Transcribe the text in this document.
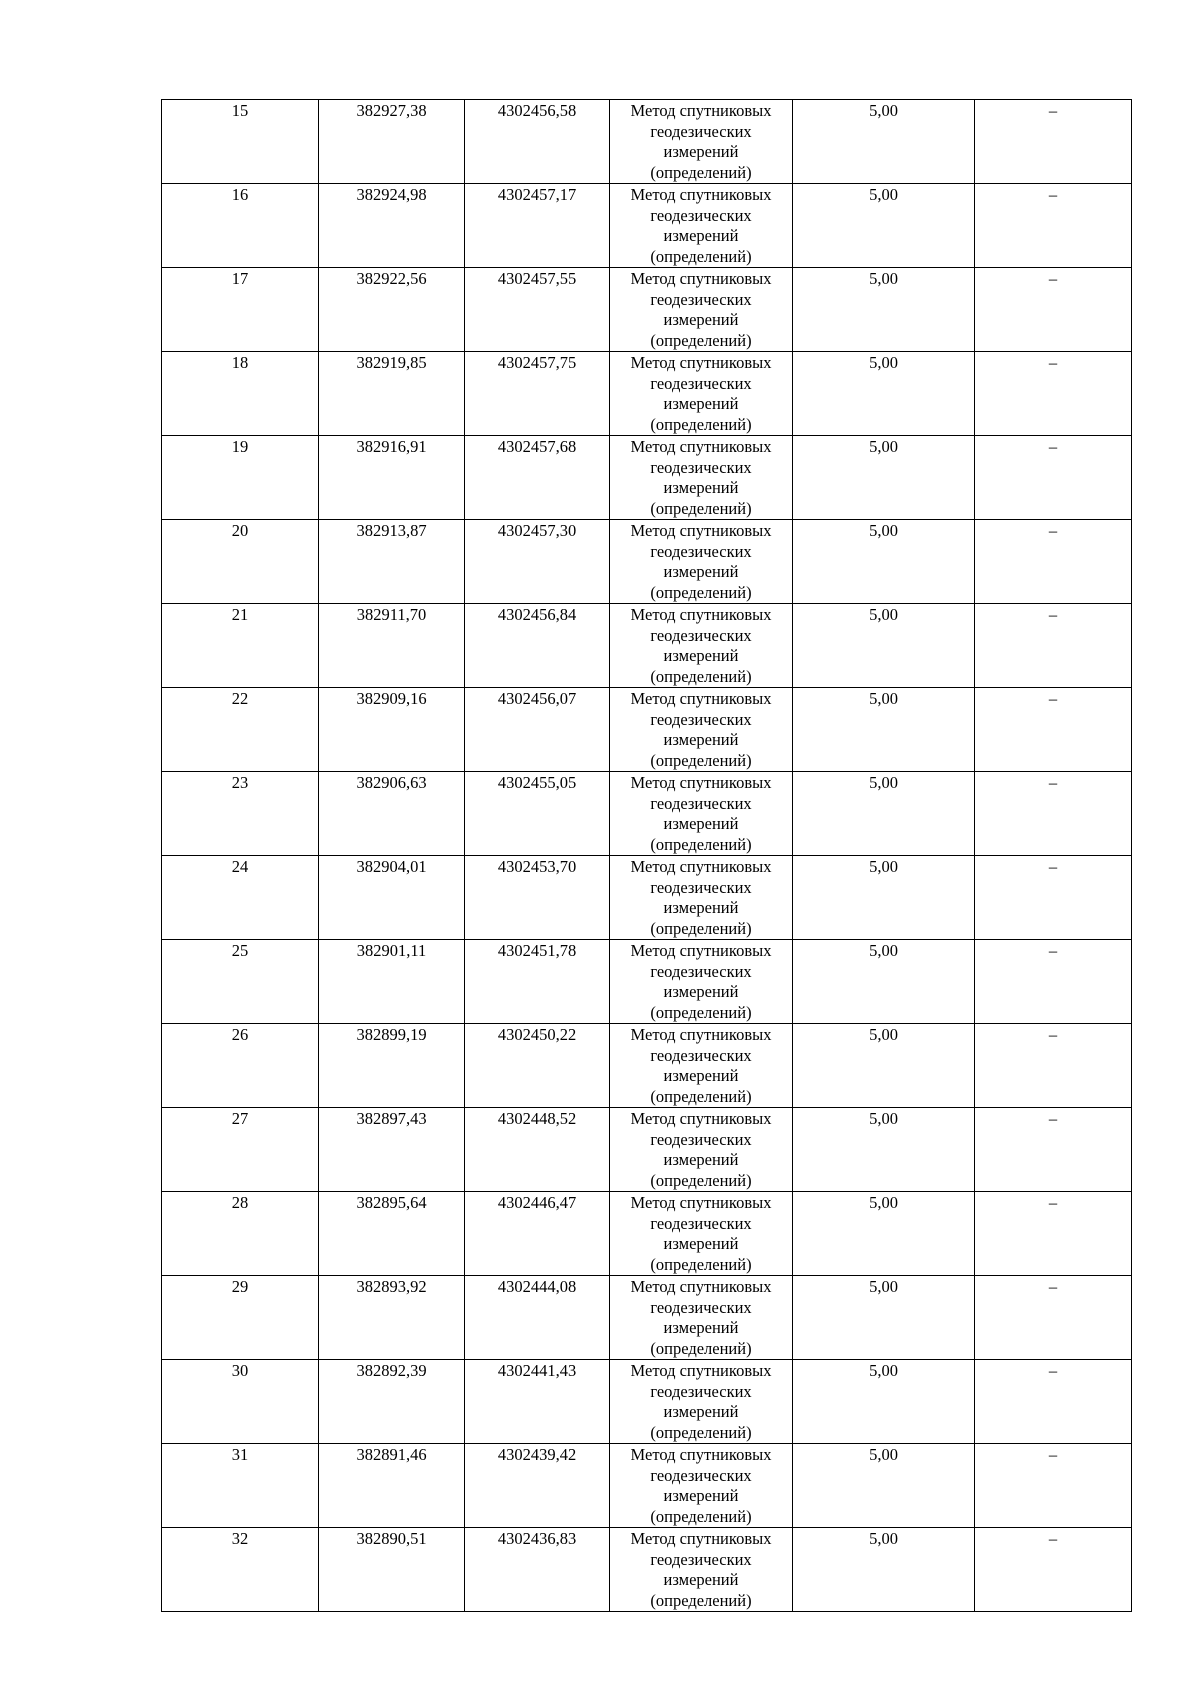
15	382927,38	4302456,58	Метод спутниковых
геодезических
измерений
(определений)	5,00	–

16	382924,98	4302457,17	Метод спутниковых
геодезических
измерений
(определений)	5,00	–

17	382922,56	4302457,55	Метод спутниковых
геодезических
измерений
(определений)	5,00	–

18	382919,85	4302457,75	Метод спутниковых
геодезических
измерений
(определений)	5,00	–

19	382916,91	4302457,68	Метод спутниковых
геодезических
измерений
(определений)	5,00	–

20	382913,87	4302457,30	Метод спутниковых
геодезических
измерений
(определений)	5,00	–

21	382911,70	4302456,84	Метод спутниковых
геодезических
измерений
(определений)	5,00	–

22	382909,16	4302456,07	Метод спутниковых
геодезических
измерений
(определений)	5,00	–

23	382906,63	4302455,05	Метод спутниковых
геодезических
измерений
(определений)	5,00	–

24	382904,01	4302453,70	Метод спутниковых
геодезических
измерений
(определений)	5,00	–

25	382901,11	4302451,78	Метод спутниковых
геодезических
измерений
(определений)	5,00	–

26	382899,19	4302450,22	Метод спутниковых
геодезических
измерений
(определений)	5,00	–

27	382897,43	4302448,52	Метод спутниковых
геодезических
измерений
(определений)	5,00	–

28	382895,64	4302446,47	Метод спутниковых
геодезических
измерений
(определений)	5,00	–

29	382893,92	4302444,08	Метод спутниковых
геодезических
измерений
(определений)	5,00	–

30	382892,39	4302441,43	Метод спутниковых
геодезических
измерений
(определений)	5,00	–

31	382891,46	4302439,42	Метод спутниковых
геодезических
измерений
(определений)	5,00	–

32	382890,51	4302436,83	Метод спутниковых
геодезических
измерений
(определений)	5,00	–
